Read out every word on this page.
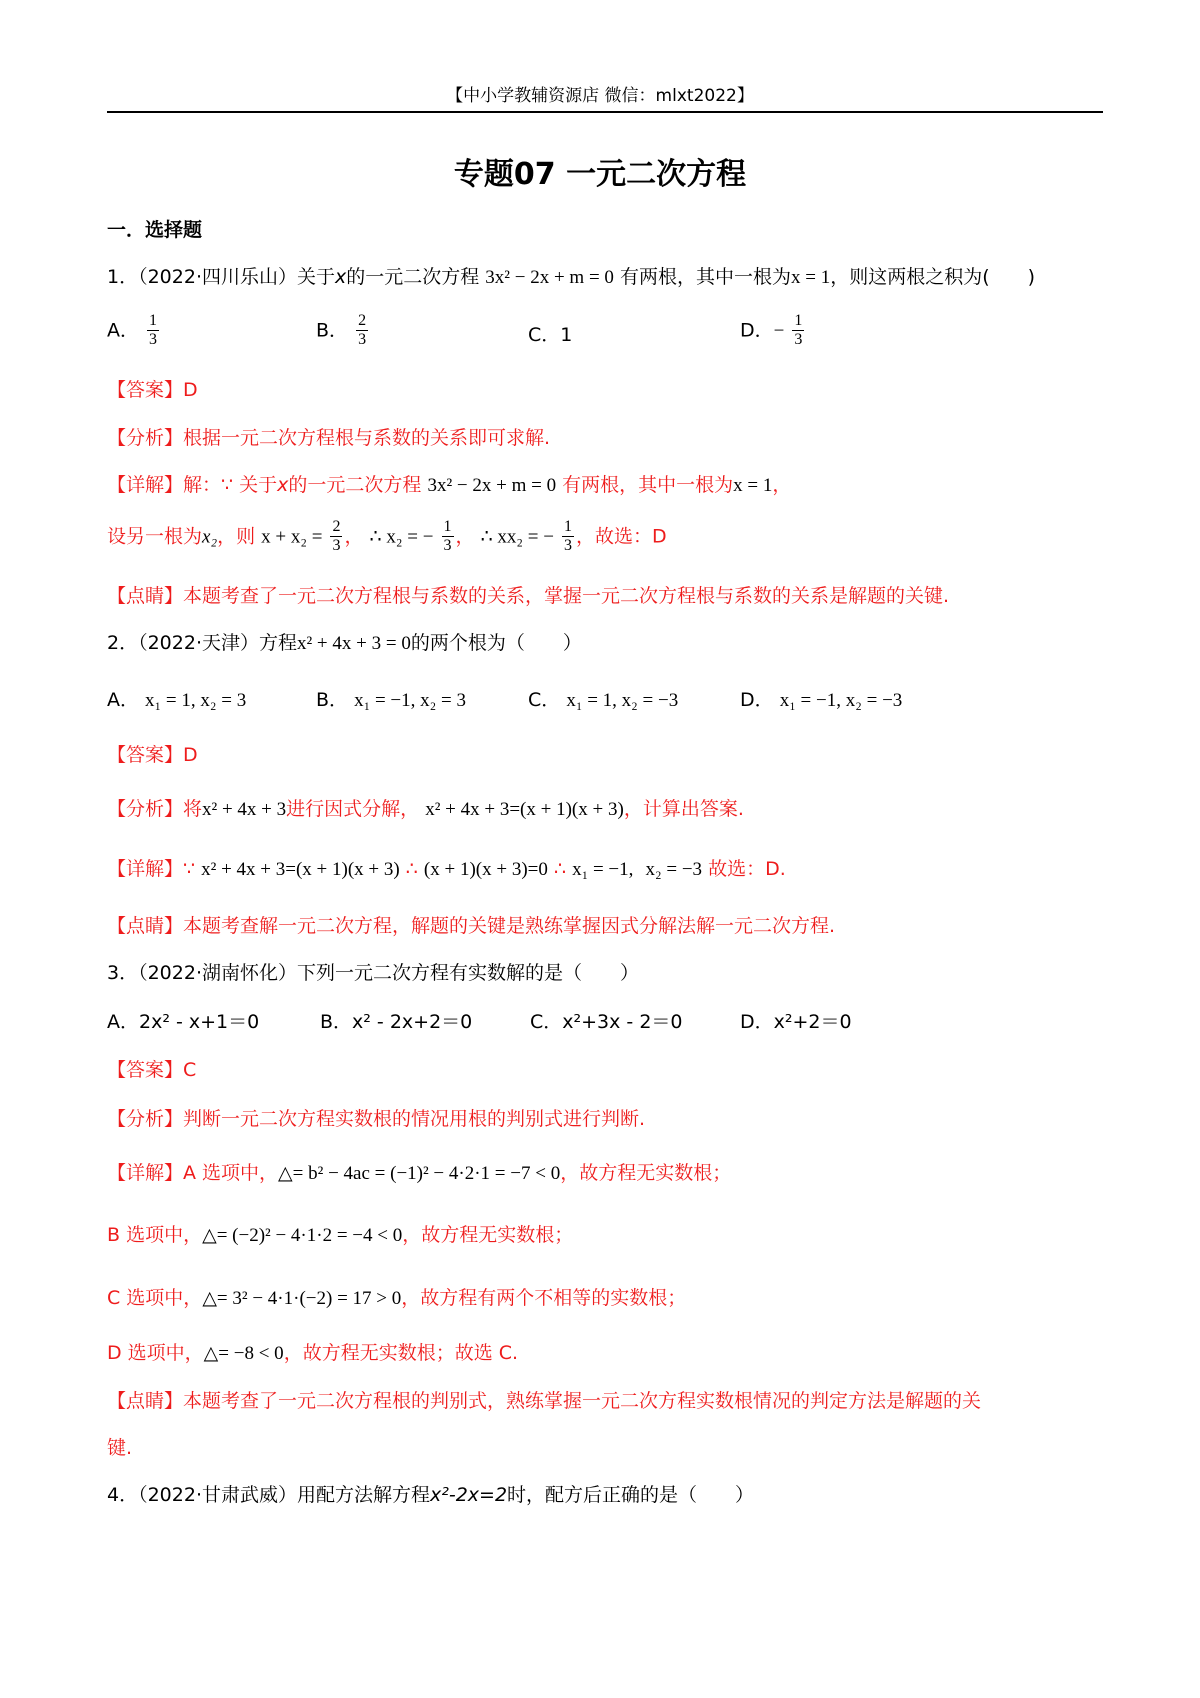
【中小学教辅资源店 微信：mlxt2022】
专题07 一元二次方程
一．选择题
1．（2022·四川乐山）关于x的一元二次方程 3x² − 2x + m = 0 有两根，其中一根为x = 1，则这两根之积为(　　)
A． $\frac{1}{3}$	B． $\frac{2}{3}$	C．1	D．− $\frac{1}{3}$
【答案】D
【分析】根据一元二次方程根与系数的关系即可求解.
【详解】解：∵ 关于x的一元二次方程 3x² − 2x + m = 0 有两根，其中一根为x = 1，
设另一根为x₂，则 $x + x_2 = \frac{2}{3}$ ， ∴ x₂ = − $\frac{1}{3}$ ， ∴ xx₂ = − $\frac{1}{3}$ ，故选：D
【点睛】本题考查了一元二次方程根与系数的关系，掌握一元二次方程根与系数的关系是解题的关键.
2．（2022·天津）方程x² + 4x + 3 = 0的两个根为（　　）
A． x₁ = 1, x₂ = 3	B． x₁ = −1, x₂ = 3	C． x₁ = 1, x₂ = −3	D． x₁ = −1, x₂ = −3
【答案】D
【分析】将x² + 4x + 3进行因式分解， x² + 4x + 3=(x + 1)(x + 3)，计算出答案.
【详解】∵ x² + 4x + 3=(x + 1)(x + 3) ∴ (x + 1)(x + 3)=0 ∴ x₁ = −1, x₂ = −3 故选：D.
【点睛】本题考查解一元二次方程，解题的关键是熟练掌握因式分解法解一元二次方程.
3．（2022·湖南怀化）下列一元二次方程有实数解的是（　　）
A．2x² - x+1＝0	B．x² - 2x+2＝0	C．x²+3x - 2＝0	D．x²+2＝0
【答案】C
【分析】判断一元二次方程实数根的情况用根的判别式进行判断.
【详解】A 选项中，△= b² − 4ac = (−1)² − 4·2·1 = −7 < 0，故方程无实数根；
B 选项中，△= (−2)² − 4·1·2 = −4 < 0，故方程无实数根；
C 选项中，△= 3² − 4·1·(−2) = 17 > 0，故方程有两个不相等的实数根；
D 选项中，△= −8 < 0，故方程无实数根；故选 C.
【点睛】本题考查了一元二次方程根的判别式，熟练掌握一元二次方程实数根情况的判定方法是解题的关
键.
4．（2022·甘肃武威）用配方法解方程x²-2x=2时，配方后正确的是（　　）
